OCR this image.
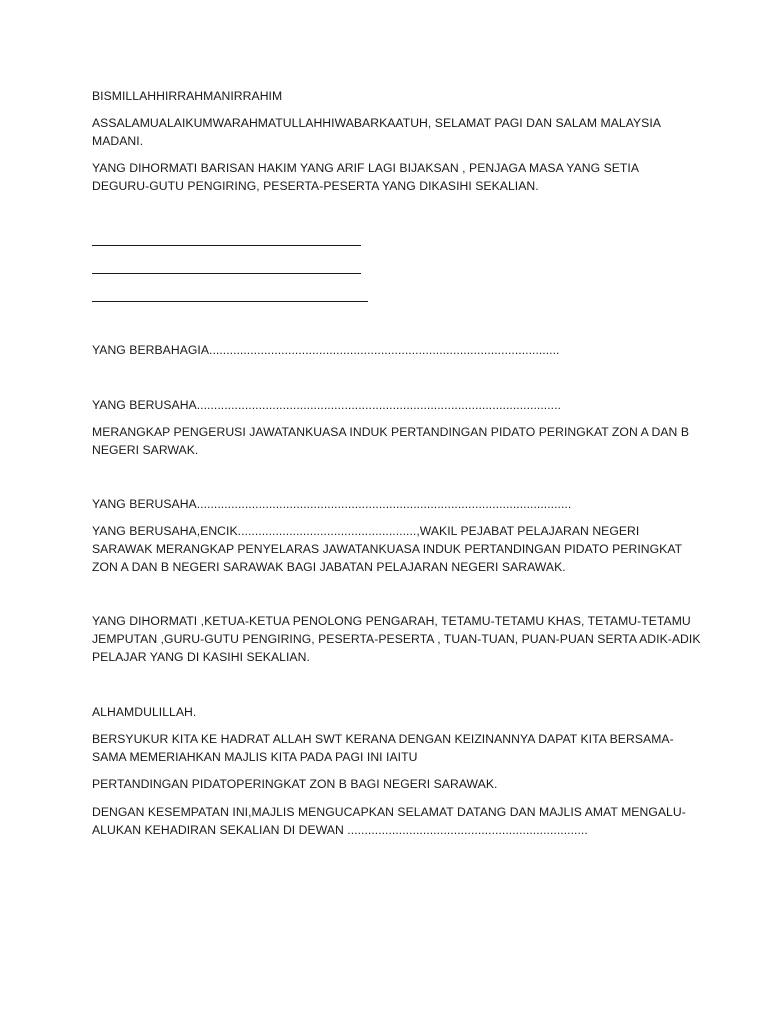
BISMILLAHHIRRAHMANIRRAHIM
ASSALAMUALAIKUMWARAHMATULLAHHIWABARKAATUH, SELAMAT PAGI DAN SALAM MALAYSIA
MADANI.
YANG DIHORMATI BARISAN HAKIM YANG ARIF LAGI BIJAKSAN , PENJAGA MASA YANG SETIA
DEGURU-GUTU PENGIRING, PESERTA-PESERTA YANG DIKASIHI SEKALIAN.
YANG BERBAHAGIA......................................................................................................
YANG BERUSAHA..........................................................................................................
MERANGKAP PENGERUSI JAWATANKUASA INDUK PERTANDINGAN PIDATO PERINGKAT ZON A DAN B
NEGERI SARWAK.
YANG BERUSAHA.............................................................................................................
YANG BERUSAHA,ENCIK....................................................,WAKIL PEJABAT PELAJARAN NEGERI
SARAWAK MERANGKAP PENYELARAS JAWATANKUASA INDUK PERTANDINGAN PIDATO PERINGKAT
ZON A DAN B NEGERI SARAWAK BAGI JABATAN PELAJARAN NEGERI SARAWAK.
YANG DIHORMATI ,KETUA-KETUA PENOLONG PENGARAH, TETAMU-TETAMU KHAS, TETAMU-TETAMU
JEMPUTAN ,GURU-GUTU PENGIRING, PESERTA-PESERTA , TUAN-TUAN, PUAN-PUAN SERTA ADIK-ADIK
PELAJAR YANG DI KASIHI SEKALIAN.
ALHAMDULILLAH.
BERSYUKUR KITA KE HADRAT ALLAH SWT KERANA DENGAN KEIZINANNYA DAPAT KITA BERSAMA-
SAMA MEMERIAHKAN MAJLIS KITA PADA PAGI INI IAITU
PERTANDINGAN PIDATOPERINGKAT ZON B BAGI NEGERI SARAWAK.
DENGAN KESEMPATAN INI,MAJLIS MENGUCAPKAN SELAMAT DATANG DAN MAJLIS AMAT MENGALU-
ALUKAN KEHADIRAN SEKALIAN DI DEWAN ......................................................................
